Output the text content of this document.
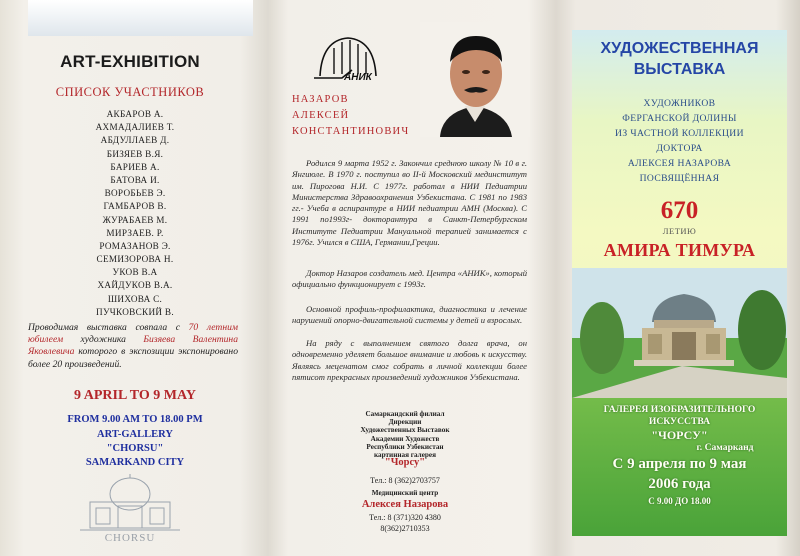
ART-EXHIBITION
СПИСОК УЧАСТНИКОВ
АКБАРОВ А.
АХМАДАЛИЕВ Т.
АБДУЛЛАЕВ Д.
БИЗЯЕВ В.Я.
БАРИЕВ А.
БАТОВА И.
ВОРОБЬЕВ Э.
ГАМБАРОВ В.
ЖУРАБАЕВ М.
МИРЗАЕВ. Р.
РОМАЗАНОВ Э.
СЕМИЗОРОВА Н.
УКОВ В.А
ХАЙДУКОВ В.А.
ШИХОВА С.
ПУЧКОВСКИЙ В.

Проводимая выставка совпала с 70 летним юбилеем художника Бизяева Валентина Яковлевича которого в экспозиции экспонировано более 20 произведений.

9 APRIL TO 9 MAY
FROM 9.00 AM TO 18.00 PM
ART-GALLERY
"CHORSU"
SAMARKAND CITY
CHORSU
АНИК
НАЗАРОВ
АЛЕКСЕЙ
КОНСТАНТИНОВИЧ

Родился 9 марта 1952 г. Закончил среднюю школу № 10 в г. Янгиюле. В 1970 г. поступил во II-й Московский мединститут им. Пирогова Н.И. С 1977г. работал в НИИ Педиатрии Министерства Здравоохранения Узбекистана. С 1981 по 1983 гг.- Учеба в аспирантуре в НИИ педиатрии АМН (Москва). С 1991 по1993г- докторантура в Санкт-Петербургском Институте Педиатрии Мануальной терапией занимается с 1976г. Учился в США, Германии,Греции.

Доктор Назаров создатель мед. Центра «АНИК», который официально функционирует с 1993г.

Основной профиль-профилактика, диагностика и лечение нарушений опорно-двигательной системы у детей и взрослых.

На ряду с выполнением святого долга врача, он одновременно уделяет большое внимание и любовь к искусству. Являясь меценатом смог собрать в личной коллекции более пятисот прекрасных произведений художников Узбекистана.

Самаркандский филиал
Дирекции
Художественных Выставок
Академии Художеств
Республики Узбекистан
картинная галерея
"Чорсу"
Тел.: 8 (362)2703757
Медицинский центр
Алексея Назарова
Тел.: 8 (371)320 4380
8(362)2710353
ХУДОЖЕСТВЕННАЯ
ВЫСТАВКА
ХУДОЖНИКОВ
ФЕРГАНСКОЙ ДОЛИНЫ
ИЗ ЧАСТНОЙ КОЛЛЕКЦИИ
ДОКТОРА
АЛЕКСЕЯ НАЗАРОВА
ПОСВЯЩЁННАЯ
670
ЛЕТИЮ
АМИРА ТИМУРА
ГАЛЕРЕЯ ИЗОБРАЗИТЕЛЬНОГО
ИСКУССТВА
"ЧОРСУ"
г. Самарканд
С 9 апреля по 9 мая
2006 года
С 9.00 ДО 18.00
